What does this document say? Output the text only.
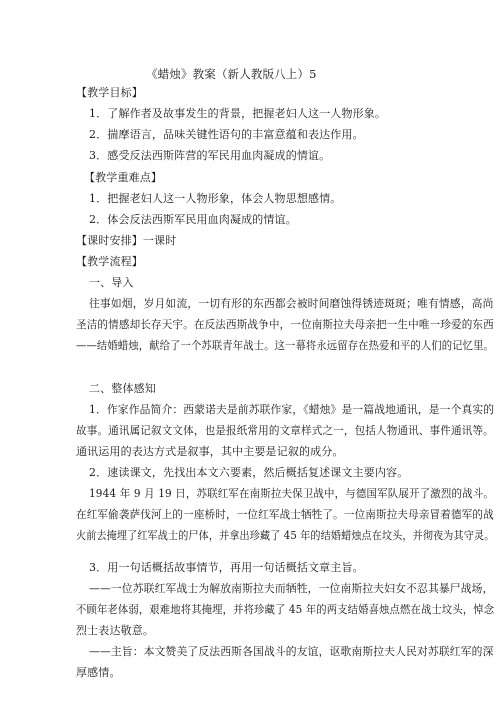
《蜡烛》教案（新人教版八上）5
【教学目标】
1．了解作者及故事发生的背景，把握老妇人这一人物形象。
2．揣摩语言，品味关键性语句的丰富意蕴和表达作用。
3．感受反法西斯阵营的军民用血肉凝成的情谊。
【教学重难点】
1．把握老妇人这一人物形象，体会人物思想感情。
2．体会反法西斯军民用血肉凝成的情谊。
【课时安排】一课时
【教学流程】
一、导入
往事如烟，岁月如流，一切有形的东西都会被时间磨蚀得锈迹斑斑；唯有情感，高尚
圣洁的情感却长存天宇。在反法西斯战争中，一位南斯拉夫母亲把一生中唯一珍爱的东西
——结婚蜡烛，献给了一个苏联青年战士。这一幕将永远留存在热爱和平的人们的记忆里。
二、整体感知
1．作家作品简介：西蒙诺夫是前苏联作家，《蜡烛》是一篇战地通讯，是一个真实的
故事。通讯属记叙文文体，也是报纸常用的文章样式之一，包括人物通讯、事件通讯等。
通讯运用的表达方式是叙事，其中主要是记叙的成分。
2．速读课文，先找出本文六要素，然后概括复述课文主要内容。
1944 年 9 月 19 日，苏联红军在南斯拉夫保卫战中，与德国军队展开了激烈的战斗。
在红军偷袭萨伐河上的一座桥时，一位红军战士牺牲了。一位南斯拉夫母亲冒着德军的战
火前去掩埋了红军战士的尸体，并拿出珍藏了 45 年的结婚蜡烛点在坟头，并彻夜为其守灵。
3．用一句话概括故事情节，再用一句话概括文章主旨。
——一位苏联红军战士为解放南斯拉夫而牺牲，一位南斯拉夫妇女不忍其暴尸战场，
不顾年老体弱，艰难地将其掩埋，并将珍藏了 45 年的两支结婚喜烛点燃在战士坟头，悼念
烈士表达敬意。
——主旨：本文赞美了反法西斯各国战斗的友谊，讴歌南斯拉夫人民对苏联红军的深
厚感情。
